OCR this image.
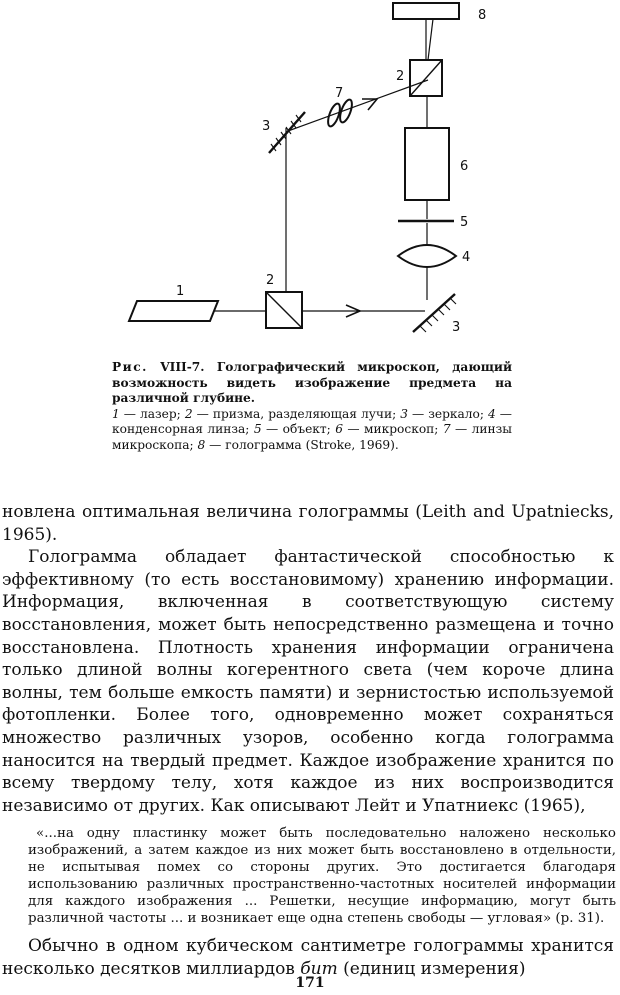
8
2
6
5
4
3
1
2
3
7

Рис. VIII-7. Голографический микроскоп, дающий возможность видеть изображение предмета на различной глубине.

1 — лазер; 2 — призма, разделяющая лучи; 3 — зеркало; 4 — конденсорная линза; 5 — объект; 6 — микроскоп; 7 — линзы микроскопа; 8 — голограмма (Stroke, 1969).

новлена оптимальная величина голограммы (Leith and Upatnieсks, 1965).

Голограмма обладает фантастической способностью к эффективному (то есть восстановимому) хранению информации. Информация, включенная в соответствующую систему восстановления, может быть непосредственно размещена и точно восстановлена. Плотность хранения информации ограничена только длиной волны когерентного света (чем короче длина волны, тем больше емкость памяти) и зернистостью используемой фотопленки. Более того, одновременно может сохраняться множество различных узоров, особенно когда голограмма наносится на твердый предмет. Каждое изображение хранится по всему твердому телу, хотя каждое из них воспроизводится независимо от других. Как описывают Лейт и Упатниекс (1965),

«...на одну пластинку может быть последовательно наложено несколько изображений, а затем каждое из них может быть восстановлено в отдельности, не испытывая помех со стороны других. Это достигается благодаря использованию различных пространственно-частотных носителей информации для каждого изображения ... Решетки, несущие информацию, могут быть различной частоты ... и возникает еще одна степень свободы — угловая» (р. 31).

Обычно в одном кубическом сантиметре голограммы хранится несколько десятков миллиардов бит (единиц измерения)

171
